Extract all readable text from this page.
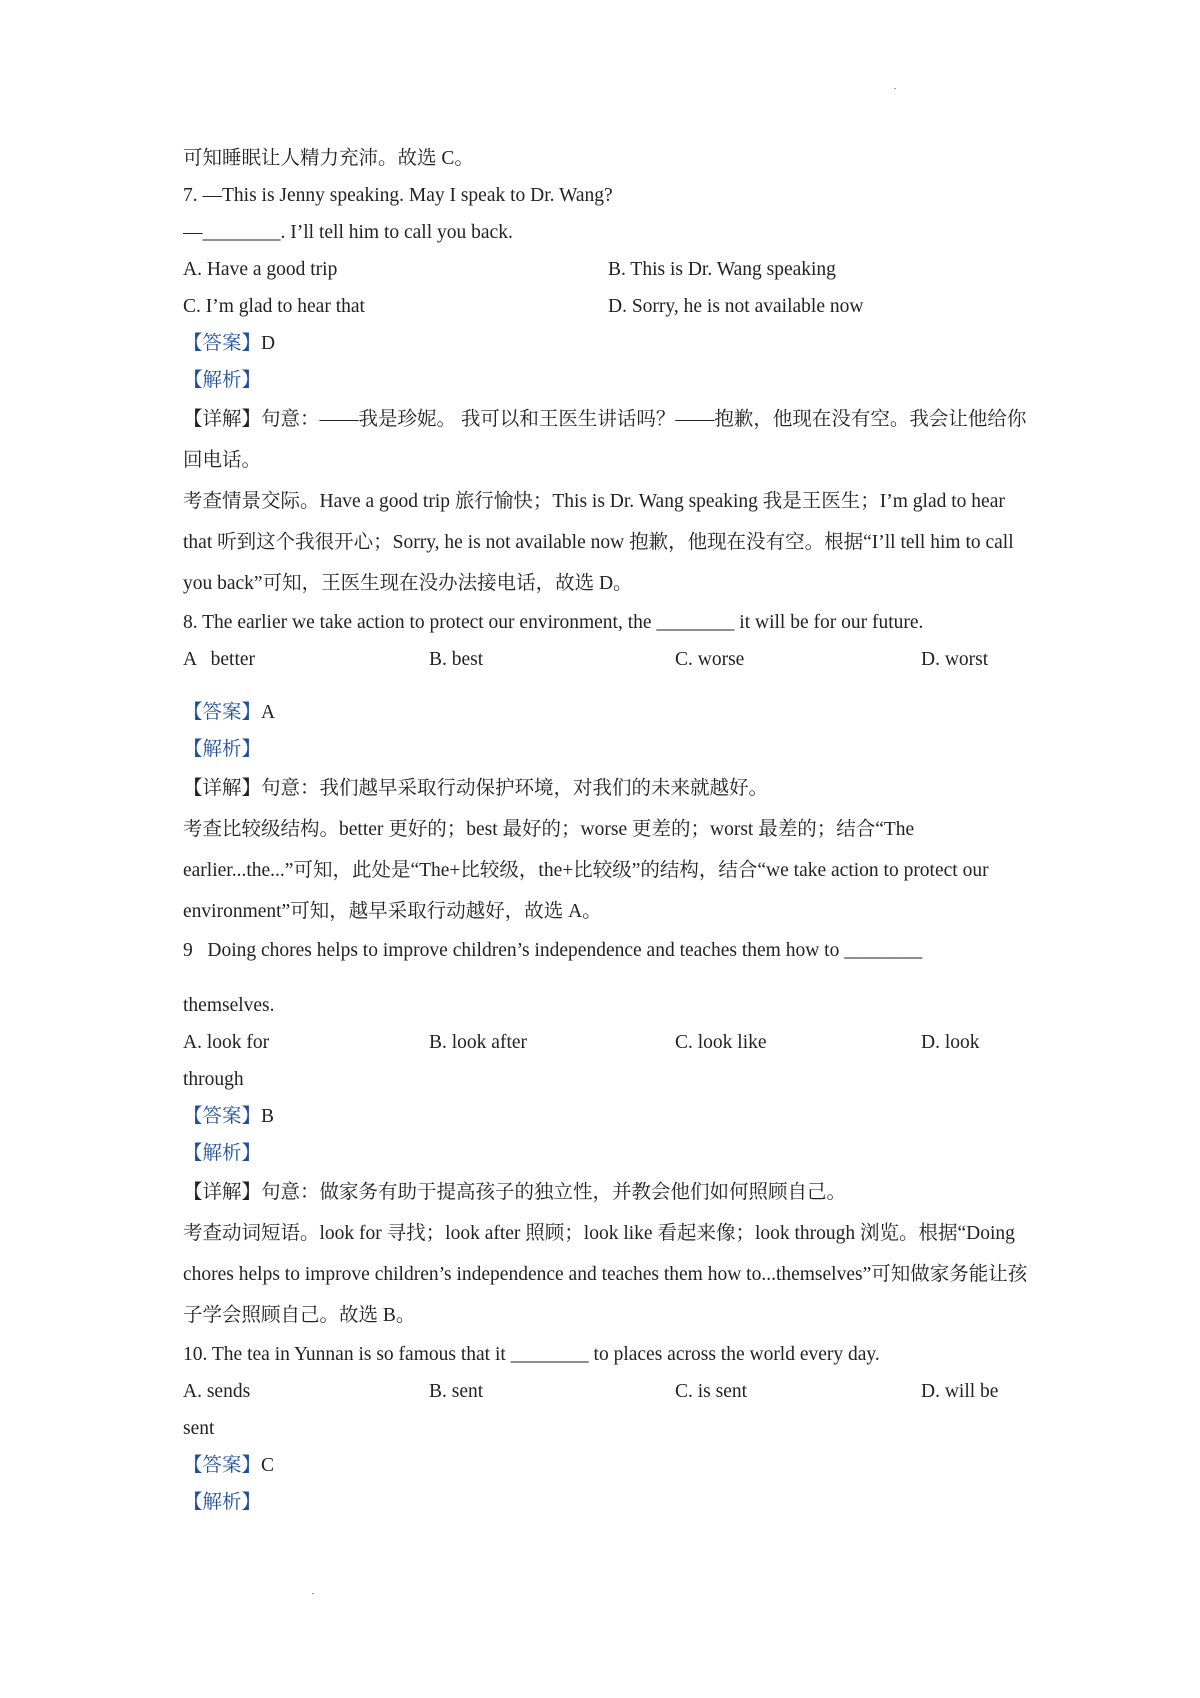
可知睡眠让人精力充沛。故选 C。

7. —This is Jenny speaking. May I speak to Dr. Wang?

—________. I’ll tell him to call you back.

A. Have a good trip	B. This is Dr. Wang speaking
C. I’m glad to hear that	D. Sorry, he is not available now

【答案】D

【解析】

【详解】句意：——我是珍妮。 我可以和王医生讲话吗？——抱歉，他现在没有空。我会让他给你回电话。

考查情景交际。Have a good trip 旅行愉快；This is Dr. Wang speaking 我是王医生；I’m glad to hear that 听到这个我很开心；Sorry, he is not available now 抱歉，他现在没有空。根据“I’ll tell him to call you back”可知，王医生现在没办法接电话，故选 D。

8. The earlier we take action to protect our environment, the ________ it will be for our future.

A   better	B. best	C. worse	D. worst

【答案】A

【解析】

【详解】句意：我们越早采取行动保护环境，对我们的未来就越好。

考查比较级结构。better 更好的；best 最好的；worse 更差的；worst 最差的；结合“The earlier...the...”可知，此处是“The+比较级，the+比较级”的结构，结合“we take action to protect our environment”可知，越早采取行动越好，故选 A。

9   Doing chores helps to improve children’s independence and teaches them how to ________

themselves.

A. look for	B. look after	C. look like	D. look

through

【答案】B

【解析】

【详解】句意：做家务有助于提高孩子的独立性，并教会他们如何照顾自己。

考查动词短语。look for 寻找；look after 照顾；look like 看起来像；look through 浏览。根据“Doing chores helps to improve children’s independence and teaches them how to...themselves”可知做家务能让孩子学会照顾自己。故选 B。

10. The tea in Yunnan is so famous that it ________ to places across the world every day.

A. sends	B. sent	C. is sent	D. will be

sent

【答案】C

【解析】
